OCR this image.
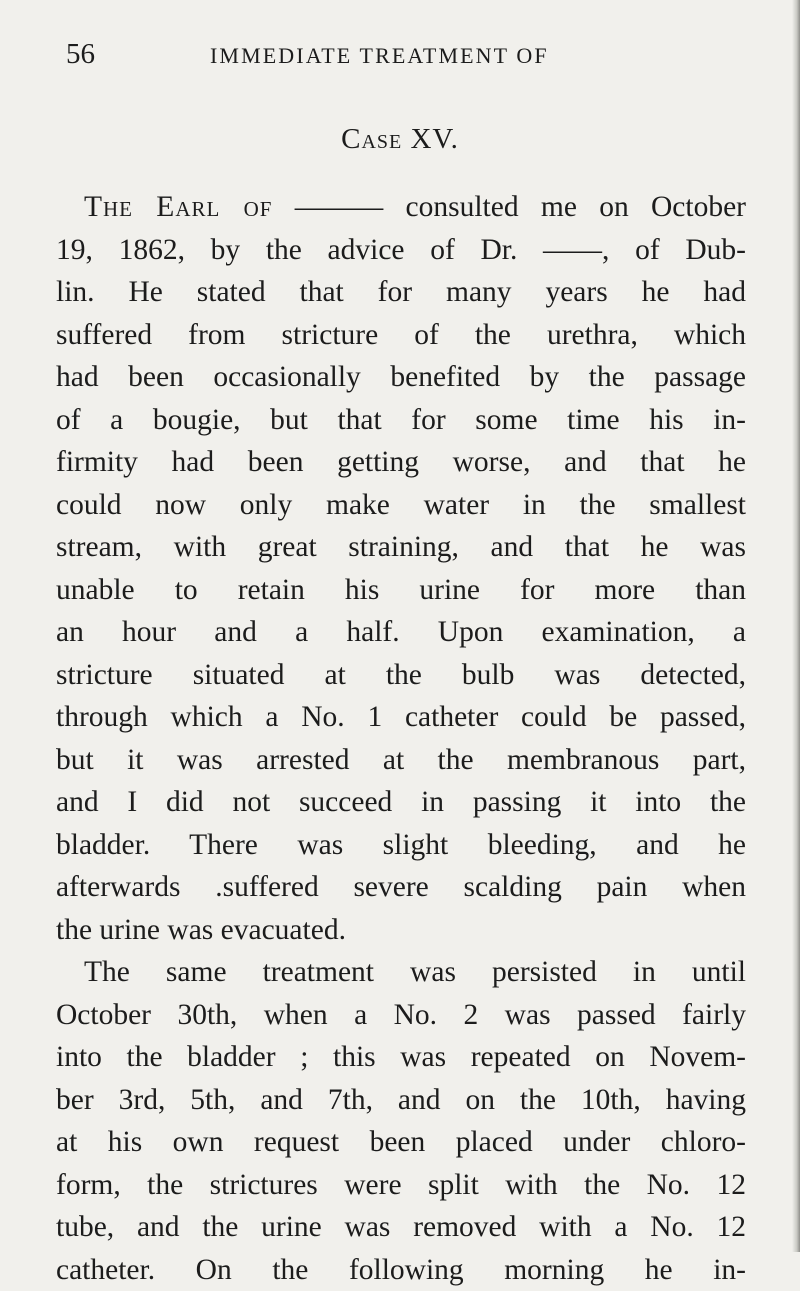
56	IMMEDIATE TREATMENT OF
Case XV.
The Earl of ——— consulted me on October
19, 1862, by the advice of Dr. ——, of Dub-
lin. He stated that for many years he had
suffered from stricture of the urethra, which
had been occasionally benefited by the passage
of a bougie, but that for some time his in-
firmity had been getting worse, and that he
could now only make water in the smallest
stream, with great straining, and that he was
unable to retain his urine for more than
an hour and a half. Upon examination, a
stricture situated at the bulb was detected,
through which a No. 1 catheter could be passed,
but it was arrested at the membranous part,
and I did not succeed in passing it into the
bladder. There was slight bleeding, and he
afterwards .suffered severe scalding pain when
the urine was evacuated.
The same treatment was persisted in until
October 30th, when a No. 2 was passed fairly
into the bladder ; this was repeated on Novem-
ber 3rd, 5th, and 7th, and on the 10th, having
at his own request been placed under chloro-
form, the strictures were split with the No. 12
tube, and the urine was removed with a No. 12
catheter. On the following morning he in-
